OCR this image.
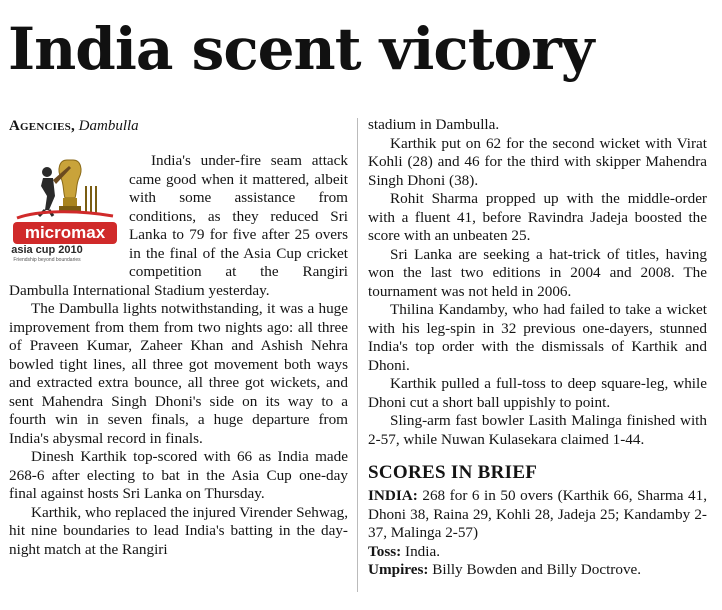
India scent victory
Agencies, Dambulla
micromax
asia cup 2010
Friendship beyond boundaries

India's under-fire seam attack came good when it mattered, albeit with some assistance from conditions, as they reduced Sri Lanka to 79 for five after 25 overs in the final of the Asia Cup cricket competition at the Rangiri Dambulla International Stadium yesterday.

The Dambulla lights notwithstanding, it was a huge improvement from them from two nights ago: all three of Praveen Kumar, Zaheer Khan and Ashish Nehra bowled tight lines, all three got movement both ways and extracted extra bounce, all three got wickets, and sent Mahendra Singh Dhoni's side on its way to a fourth win in seven finals, a huge departure from India's abysmal record in finals.

Dinesh Karthik top-scored with 66 as India made 268-6 after electing to bat in the Asia Cup one-day final against hosts Sri Lanka on Thursday.

Karthik, who replaced the injured Virender Sehwag, hit nine boundaries to lead India's batting in the day-night match at the Rangiri

stadium in Dambulla.

Karthik put on 62 for the second wicket with Virat Kohli (28) and 46 for the third with skipper Mahendra Singh Dhoni (38).

Rohit Sharma propped up with the middle-order with a fluent 41, before Ravindra Jadeja boosted the score with an unbeaten 25.

Sri Lanka are seeking a hat-trick of titles, having won the last two editions in 2004 and 2008. The tournament was not held in 2006.

Thilina Kandamby, who had failed to take a wicket with his leg-spin in 32 previous one-dayers, stunned India's top order with the dismissals of Karthik and Dhoni.

Karthik pulled a full-toss to deep square-leg, while Dhoni cut a short ball uppishly to point.

Sling-arm fast bowler Lasith Malinga finished with 2-57, while Nuwan Kulasekara claimed 1-44.

SCORES IN BRIEF

INDIA: 268 for 6 in 50 overs (Karthik 66, Sharma 41, Dhoni 38, Raina 29, Kohli 28, Jadeja 25; Kandamby 2-37, Malinga 2-57)

Toss: India.

Umpires: Billy Bowden and Billy Doctrove.
